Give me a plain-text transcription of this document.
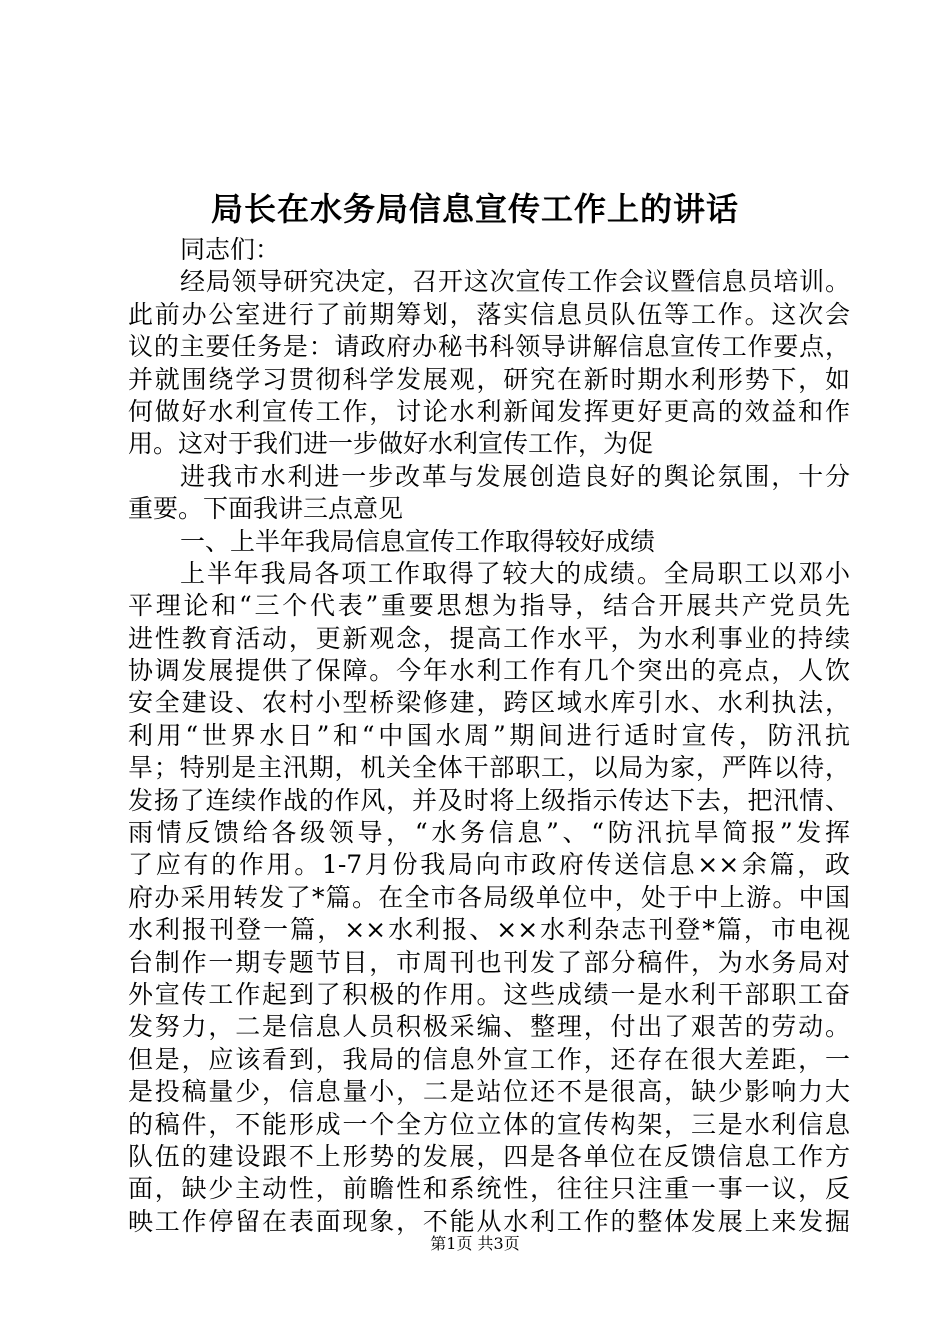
局长在水务局信息宣传工作上的讲话
同志们：
经局领导研究决定，召开这次宣传工作会议暨信息员培训。
此前办公室进行了前期筹划，落实信息员队伍等工作。这次会
议的主要任务是：请政府办秘书科领导讲解信息宣传工作要点，
并就围绕学习贯彻科学发展观，研究在新时期水利形势下，如
何做好水利宣传工作，讨论水利新闻发挥更好更高的效益和作
用。这对于我们进一步做好水利宣传工作，为促
进我市水利进一步改革与发展创造良好的舆论氛围，十分
重要。下面我讲三点意见
一、上半年我局信息宣传工作取得较好成绩
上半年我局各项工作取得了较大的成绩。全局职工以邓小
平理论和“三个代表”重要思想为指导，结合开展共产党员先
进性教育活动，更新观念，提高工作水平，为水利事业的持续
协调发展提供了保障。今年水利工作有几个突出的亮点，人饮
安全建设、农村小型桥梁修建，跨区域水库引水、水利执法，
利用“世界水日”和“中国水周”期间进行适时宣传，防汛抗
旱；特别是主汛期，机关全体干部职工，以局为家，严阵以待，
发扬了连续作战的作风，并及时将上级指示传达下去，把汛情、
雨情反馈给各级领导，“水务信息”、“防汛抗旱简报”发挥
了应有的作用。1-7月份我局向市政府传送信息××余篇，政
府办采用转发了*篇。在全市各局级单位中，处于中上游。中国
水利报刊登一篇，××水利报、××水利杂志刊登*篇，市电视
台制作一期专题节目，市周刊也刊发了部分稿件，为水务局对
外宣传工作起到了积极的作用。这些成绩一是水利干部职工奋
发努力，二是信息人员积极采编、整理，付出了艰苦的劳动。
但是，应该看到，我局的信息外宣工作，还存在很大差距，一
是投稿量少，信息量小，二是站位还不是很高，缺少影响力大
的稿件，不能形成一个全方位立体的宣传构架，三是水利信息
队伍的建设跟不上形势的发展，四是各单位在反馈信息工作方
面，缺少主动性，前瞻性和系统性，往往只注重一事一议，反
映工作停留在表面现象，不能从水利工作的整体发展上来发掘
第1页 共3页
